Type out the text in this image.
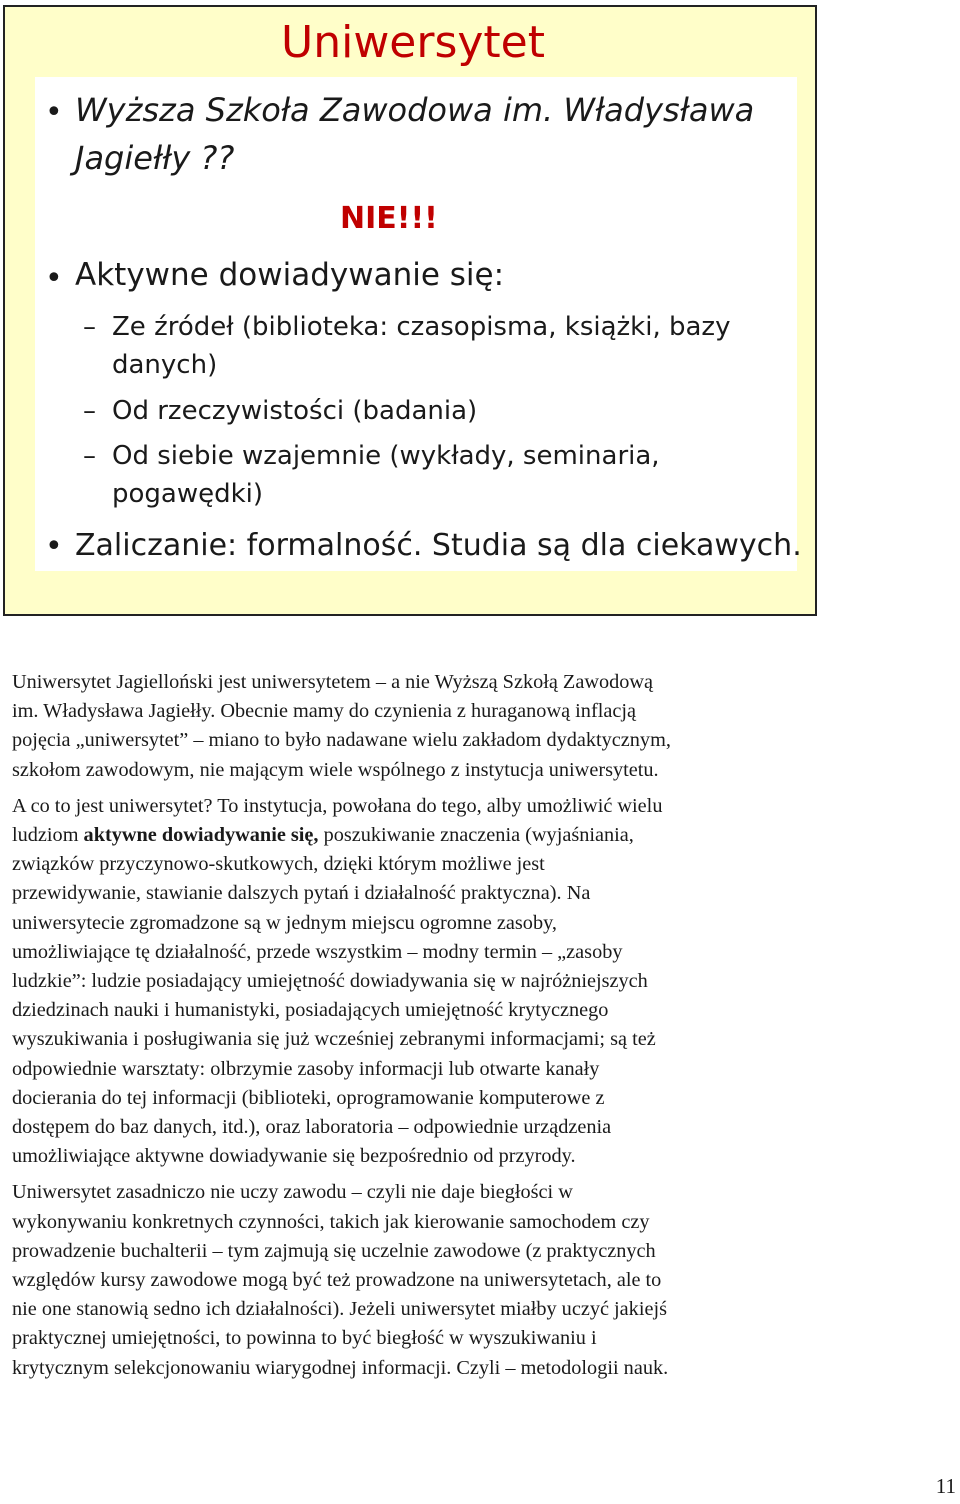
Uniwersytet
• Wyższa Szkoła Zawodowa im. Władysława
Jagiełły ??
NIE!!!
• Aktywne dowiadywanie się:
– Ze źródeł (biblioteka: czasopisma, książki, bazy
danych)
– Od rzeczywistości (badania)
– Od siebie wzajemnie (wykłady, seminaria,
pogawędki)
• Zaliczanie: formalność. Studia są dla ciekawych.

Uniwersytet Jagielloński jest uniwersytetem – a nie Wyższą Szkołą Zawodową
im. Władysława Jagiełły. Obecnie mamy do czynienia z huraganową inflacją
pojęcia „uniwersytet” – miano to było nadawane wielu zakładom dydaktycznym,
szkołom zawodowym, nie mającym wiele wspólnego z instytucja uniwersytetu.

A co to jest uniwersytet? To instytucja, powołana do tego, alby umożliwić wielu
ludziom aktywne dowiadywanie się, poszukiwanie znaczenia (wyjaśniania,
związków przyczynowo-skutkowych, dzięki którym możliwe jest
przewidywanie, stawianie dalszych pytań i działalność praktyczna). Na
uniwersytecie zgromadzone są w jednym miejscu ogromne zasoby,
umożliwiające tę działalność, przede wszystkim – modny termin – „zasoby
ludzkie”: ludzie posiadający umiejętność dowiadywania się w najróżniejszych
dziedzinach nauki i humanistyki, posiadających umiejętność krytycznego
wyszukiwania i posługiwania się już wcześniej zebranymi informacjami; są też
odpowiednie warsztaty: olbrzymie zasoby informacji lub otwarte kanały
docierania do tej informacji (biblioteki, oprogramowanie komputerowe z
dostępem do baz danych, itd.), oraz laboratoria – odpowiednie urządzenia
umożliwiające aktywne dowiadywanie się bezpośrednio od przyrody.

Uniwersytet zasadniczo nie uczy zawodu – czyli nie daje biegłości w
wykonywaniu konkretnych czynności, takich jak kierowanie samochodem czy
prowadzenie buchalterii – tym zajmują się uczelnie zawodowe (z praktycznych
względów kursy zawodowe mogą być też prowadzone na uniwersytetach, ale to
nie one stanowią sedno ich działalności). Jeżeli uniwersytet miałby uczyć jakiejś
praktycznej umiejętności, to powinna to być biegłość w wyszukiwaniu i
krytycznym selekcjonowaniu wiarygodnej informacji. Czyli – metodologii nauk.

11
